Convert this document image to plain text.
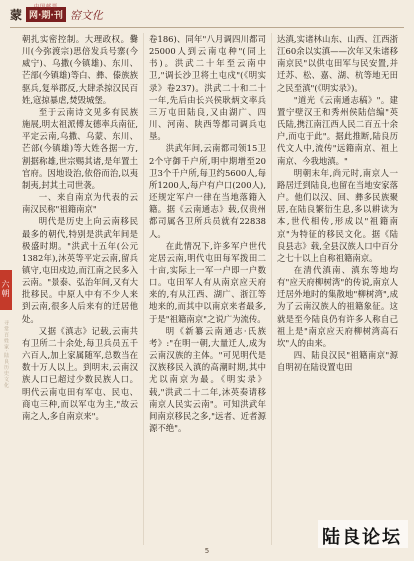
中国邮票
蒙 网·期·刊 窑文化
六朝
寻常百姓家·陆良历史文化

朝扎实密控制。大理政权。爨川(今弥渡宗)思倍发兵号寨(今威宁)、乌撒(今镇雄)、东川、芒部(今镇雄)等白、彝、傣族族驱兵,复举郡反,大肆杀掠汉民百姓,寇掠暴虐,焚毁城堡。

至于云南诗文见多有民族施展,明太祖派傅友德率兵南征,平定云南,乌撒、乌蒙、东川、芒部(今镇雄)等大姓各据一方,割据称雄,世宗赐其诸,是年置土官府。因地设治,依俗而治,以夷制夷,封其土司世袭。

一、来自南京为代表的云南汉民称"祖籍南京"

明代是历史上向云南移民最多的朝代,特别是洪武年间是极盛时期。"洪武十五年(公元1382年),沐英等平定云南,留兵镇守,屯田戍边,而江南之民多入云南。"景泰、弘治年间,又有大批移民。中原人中有不少人来到云南,很多人后来有的迁居他处。

又据《滇志》记载,云南共有卫所二十余处,每卫兵员五千六百人,加上家属随军,总数当在数十万人以上。到明末,云南汉族人口已超过少数民族人口。明代云南屯田有军屯、民屯、商屯三种,而以军屯为主,"故云南之人,多自南京来"。

卷186)、同年"八月调四川都司25000人到云南屯种"(同上书)。洪武二十年至云南中卫,"调长沙卫将土屯戍"(《明实录》卷237)。洪武二十和二十一年,先后由长兴侯耿炳文率兵三万屯田陆良,又由湖广、四川、河南、陕西等都司调兵屯垦。

洪武年间,云南都司领15卫2个守御千户所,明中期增至20卫3个千户所,每卫约5600人,每所1200人,每户有户口(200人),还规定军户一律在当地落籍入籍。据《云南通志》载,仅贵州都司属各卫所兵员就有22838人。

在此情况下,许多军户世代定居云南,明代屯田每军拨田二十亩,实际上一军一户即一户数口。屯田军人有从南京应天府来的,有从江西、湖广、浙江等地来的,而其中以南京来者最多,于是"祖籍南京"之说广为流传。

明《新纂云南通志·氏族考》:"在明一朝,大量迁人,成为云南汉族的主体。"可见明代是汉族移民入滇的高潮时期,其中尤以南京为最。《明实录》载,"洪武二十二年,沐英奏请移南京人民实云南"。可知洪武年间南京移民之多,"远者、近者源源不绝"。

达滇,实诸林山东、山西、江西浙江60余以实滇——次年又朱诸移南京民"以供屯田军与民安置,并迁苏、松、嘉、湖、杭等地无田之民至滇"(《明实录》)。

"道光《云南通志稿》"。建置宁壁汉王和秀州侯陆信编"英氏陆,携江南江西人民二百五十余户,而屯于此"。据此推断,陆良历代文人中,流传"远籍南京、祖上南京、今我地滇。"

明朝末年,尚元时,南京人一路居迁到陆良,也留在当地安家落户。他们以汉、回、彝多民族聚居,在陆良繁衍生息,多以耕读为本,世代相传,形成以"祖籍南京"为特征的移民文化。据《陆良县志》载,全县汉族人口中百分之七十以上自称祖籍南京。

在清代滇南、滇东等地均有"应天府柳树湾"的传说,南京人迁居外地时的集散地"柳树湾",成为了云南汉族人的祖籍象征。这就是至今陆良仍有许多人称自己祖上是"南京应天府柳树湾高石坎"人的由来。

四、陆良汉民"祖籍南京"源自明初在陆设置屯田

5
陆良论坛
